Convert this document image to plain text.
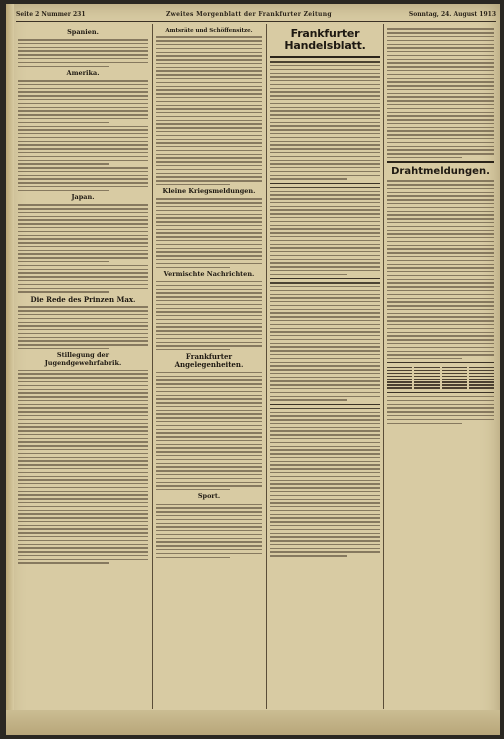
Seite 2 Nummer 231	Zweites Morgenblatt der Frankfurter Zeitung	Sonntag, 24. August 1913
Spanien.
Amerika.
Japan.
Die Rede des Prinzen Max.
Stillegung der Jugendgewehrfabrik.
Amtsräte und Schöffensitze.
Kleine Kriegsmeldungen.
Vermischte Nachrichten.
Frankfurter Angelegenheiten.
Sport.
Frankfurter Handelsblatt.
Drahtmeldungen.
